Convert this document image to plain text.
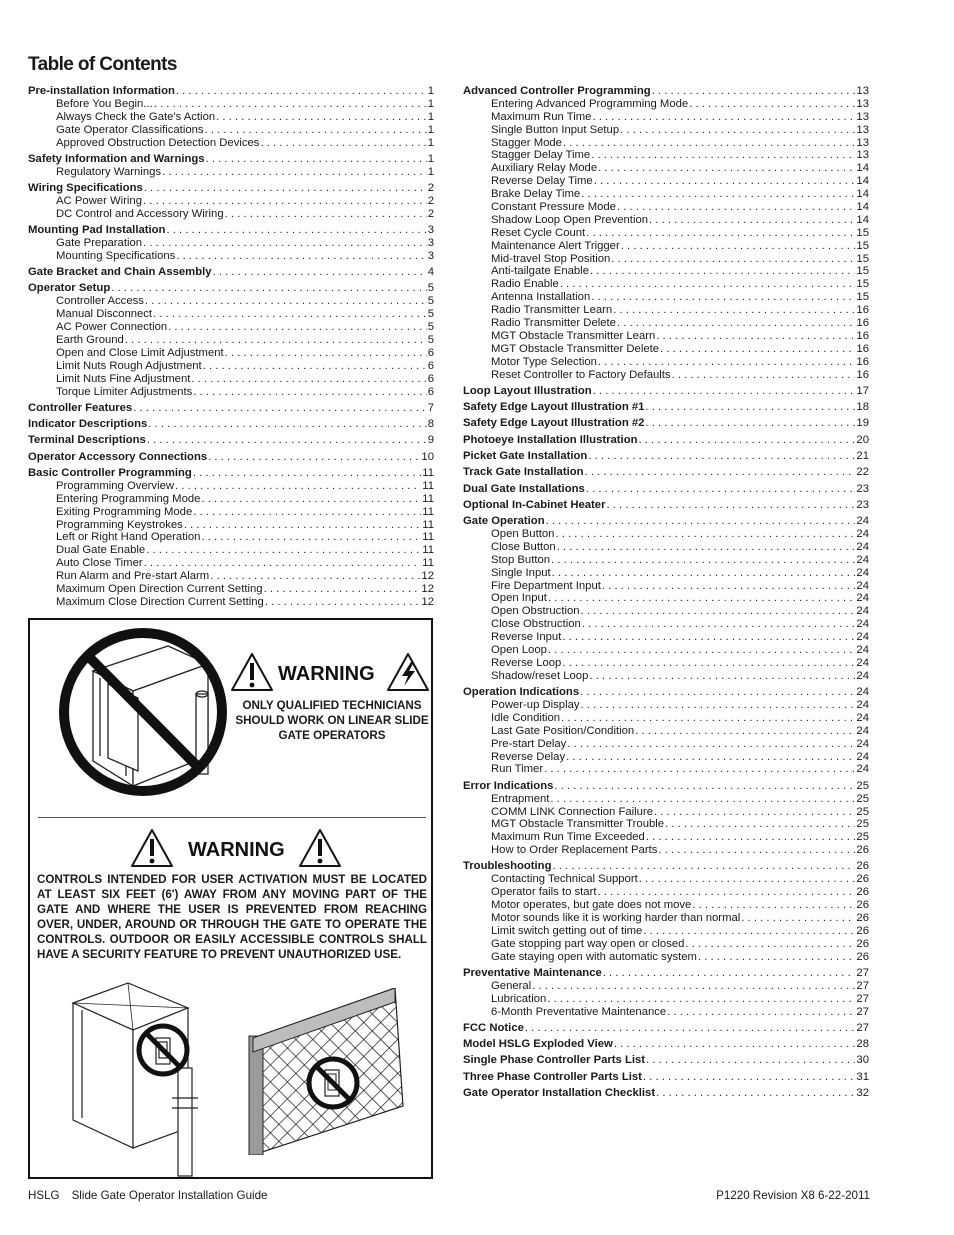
Table of Contents
Pre-installation Information . . .	1
Before You Begin... . . .	1
Always Check the Gate's Action . . .	1
Gate Operator Classifications . . .	1
Approved Obstruction Detection Devices . . .	1
Safety Information and Warnings . . .	1
Regulatory Warnings . . .	1
Wiring Specifications . . .	2
AC Power Wiring . . .	2
DC Control and Accessory Wiring . . .	2
Mounting Pad Installation . . .	3
Gate Preparation . . .	3
Mounting Specifications . . .	3
Gate Bracket and Chain Assembly . . .	4
Operator Setup . . .	5
Controller Access . . .	5
Manual Disconnect . . .	5
AC Power Connection . . .	5
Earth Ground . . .	5
Open and Close Limit Adjustment . . .	6
Limit Nuts Rough Adjustment . . .	6
Limit Nuts Fine Adjustment . . .	6
Torque Limiter Adjustments . . .	6
Controller Features . . .	7
Indicator Descriptions . . .	8
Terminal Descriptions . . .	9
Operator Accessory Connections . . .	10
Basic Controller Programming . . .	11
Programming Overview . . .	11
Entering Programming Mode . . .	11
Exiting Programming Mode . . .	11
Programming Keystrokes . . .	11
Left or Right Hand Operation . . .	11
Dual Gate Enable . . .	11
Auto Close Timer . . .	11
Run Alarm and Pre-start Alarm . . .	12
Maximum Open Direction Current Setting . . .	12
Maximum Close Direction Current Setting . . .	12
Advanced Controller Programming . . .	13
Entering Advanced Programming Mode . . .	13
Maximum Run Time . . .	13
Single Button Input Setup . . .	13
Stagger Mode . . .	13
Stagger Delay Time . . .	13
Auxiliary Relay Mode . . .	14
Reverse Delay Time . . .	14
Brake Delay Time . . .	14
Constant Pressure Mode . . .	14
Shadow Loop Open Prevention . . .	14
Reset Cycle Count . . .	15
Maintenance Alert Trigger . . .	15
Mid-travel Stop Position . . .	15
Anti-tailgate Enable . . .	15
Radio Enable . . .	15
Antenna Installation . . .	15
Radio Transmitter Learn . . .	16
Radio Transmitter Delete . . .	16
MGT Obstacle Transmitter Learn . . .	16
MGT Obstacle Transmitter Delete . . .	16
Motor Type Selection . . .	16
Reset Controller to Factory Defaults . . .	16
Loop Layout Illustration . . .	17
Safety Edge Layout Illustration #1 . . .	18
Safety Edge Layout Illustration #2 . . .	19
Photoeye Installation Illustration . . .	20
Picket Gate Installation . . .	21
Track Gate Installation . . .	22
Dual Gate Installations . . .	23
Optional In-Cabinet Heater . . .	23
Gate Operation . . .	24
Open Button . . .	24
Close Button . . .	24
Stop Button . . .	24
Single Input . . .	24
Fire Department Input . . .	24
Open Input . . .	24
Open Obstruction . . .	24
Close Obstruction . . .	24
Reverse Input . . .	24
Open Loop . . .	24
Reverse Loop . . .	24
Shadow/reset Loop . . .	24
Operation Indications . . .	24
Power-up Display . . .	24
Idle Condition . . .	24
Last Gate Position/Condition . . .	24
Pre-start Delay . . .	24
Reverse Delay . . .	24
Run Timer . . .	24
Error Indications . . .	25
Entrapment . . .	25
COMM LINK Connection Failure . . .	25
MGT Obstacle Transmitter Trouble . . .	25
Maximum Run Time Exceeded . . .	25
How to Order Replacement Parts . . .	26
Troubleshooting . . .	26
Contacting Technical Support . . .	26
Operator fails to start . . .	26
Motor operates, but gate does not move . . .	26
Motor sounds like it is working harder than normal . . .	26
Limit switch getting out of time . . .	26
Gate stopping part way open or closed . . .	26
Gate staying open with automatic system . . .	26
Preventative Maintenance . . .	27
General . . .	27
Lubrication . . .	27
6-Month Preventative Maintenance . . .	27
FCC Notice . . .	27
Model HSLG Exploded View . . .	28
Single Phase Controller Parts List . . .	30
Three Phase Controller Parts List . . .	31
Gate Operator Installation Checklist . . .	32
WARNING
ONLY QUALIFIED TECHNICIANS SHOULD WORK ON LINEAR SLIDE GATE OPERATORS
WARNING
CONTROLS INTENDED FOR USER ACTIVATION MUST BE LOCATED AT LEAST SIX FEET (6') AWAY FROM ANY MOVING PART OF THE GATE AND WHERE THE USER IS PREVENTED FROM REACHING OVER, UNDER, AROUND OR THROUGH THE GATE TO OPERATE THE CONTROLS. OUTDOOR OR EASILY ACCESSIBLE CONTROLS SHALL HAVE A SECURITY FEATURE TO PREVENT UNAUTHORIZED USE.
HSLG Slide Gate Operator Installation Guide	P1220 Revision X8 6-22-2011
